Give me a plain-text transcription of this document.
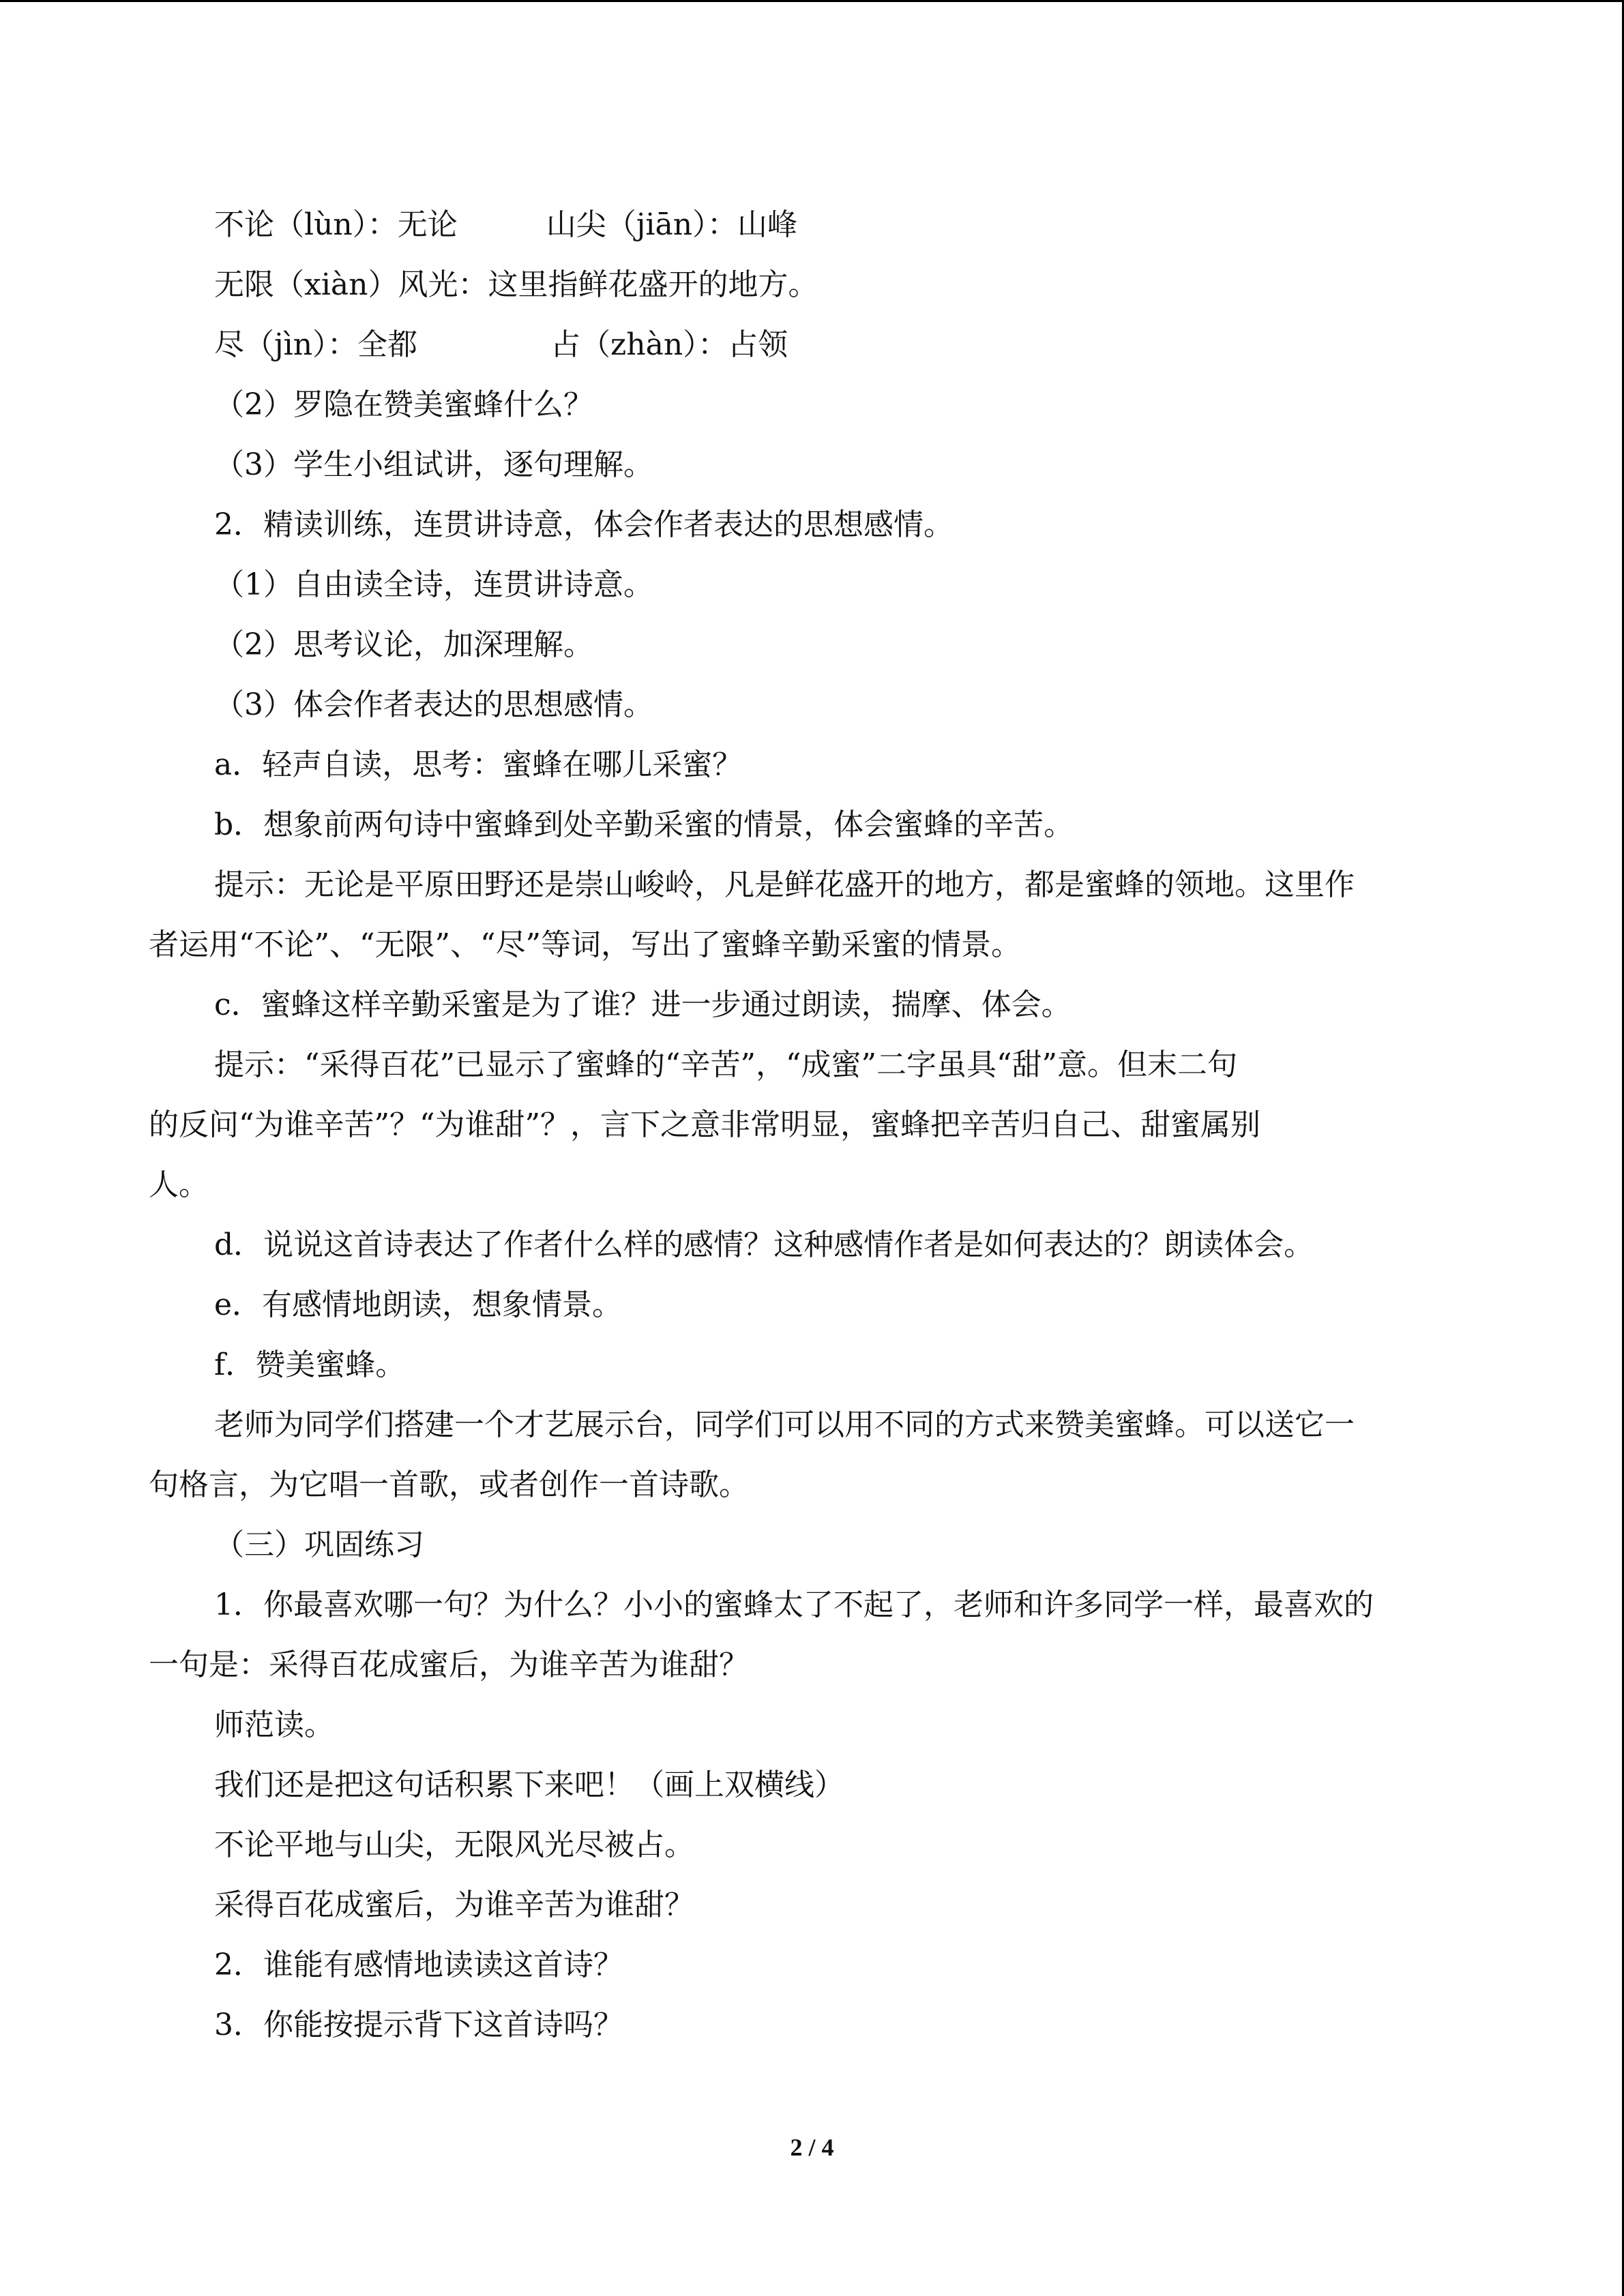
不论（lùn）：无论	山尖（jiān）：山峰
无限（xiàn）风光：这里指鲜花盛开的地方。
尽（jìn）：全都	占（zhàn）：占领
（2）罗隐在赞美蜜蜂什么？
（3）学生小组试讲，逐句理解。
2．精读训练，连贯讲诗意，体会作者表达的思想感情。
（1）自由读全诗，连贯讲诗意。
（2）思考议论，加深理解。
（3）体会作者表达的思想感情。
a．轻声自读，思考：蜜蜂在哪儿采蜜？
b．想象前两句诗中蜜蜂到处辛勤采蜜的情景，体会蜜蜂的辛苦。
提示：无论是平原田野还是崇山峻岭，凡是鲜花盛开的地方，都是蜜蜂的领地。这里作
者运用“不论”、“无限”、“尽”等词，写出了蜜蜂辛勤采蜜的情景。
c．蜜蜂这样辛勤采蜜是为了谁？进一步通过朗读，揣摩、体会。
提示：“采得百花”已显示了蜜蜂的“辛苦”，“成蜜”二字虽具“甜”意。但末二句
的反问“为谁辛苦”？“为谁甜”？，言下之意非常明显，蜜蜂把辛苦归自己、甜蜜属别
人。
d．说说这首诗表达了作者什么样的感情？这种感情作者是如何表达的？朗读体会。
e．有感情地朗读，想象情景。
f．赞美蜜蜂。
老师为同学们搭建一个才艺展示台，同学们可以用不同的方式来赞美蜜蜂。可以送它一
句格言，为它唱一首歌，或者创作一首诗歌。
（三）巩固练习
1．你最喜欢哪一句？为什么？小小的蜜蜂太了不起了，老师和许多同学一样，最喜欢的
一句是：采得百花成蜜后，为谁辛苦为谁甜？
师范读。
我们还是把这句话积累下来吧！（画上双横线）
不论平地与山尖，无限风光尽被占。
采得百花成蜜后，为谁辛苦为谁甜？
2．谁能有感情地读读这首诗？
3．你能按提示背下这首诗吗？
2 / 4
